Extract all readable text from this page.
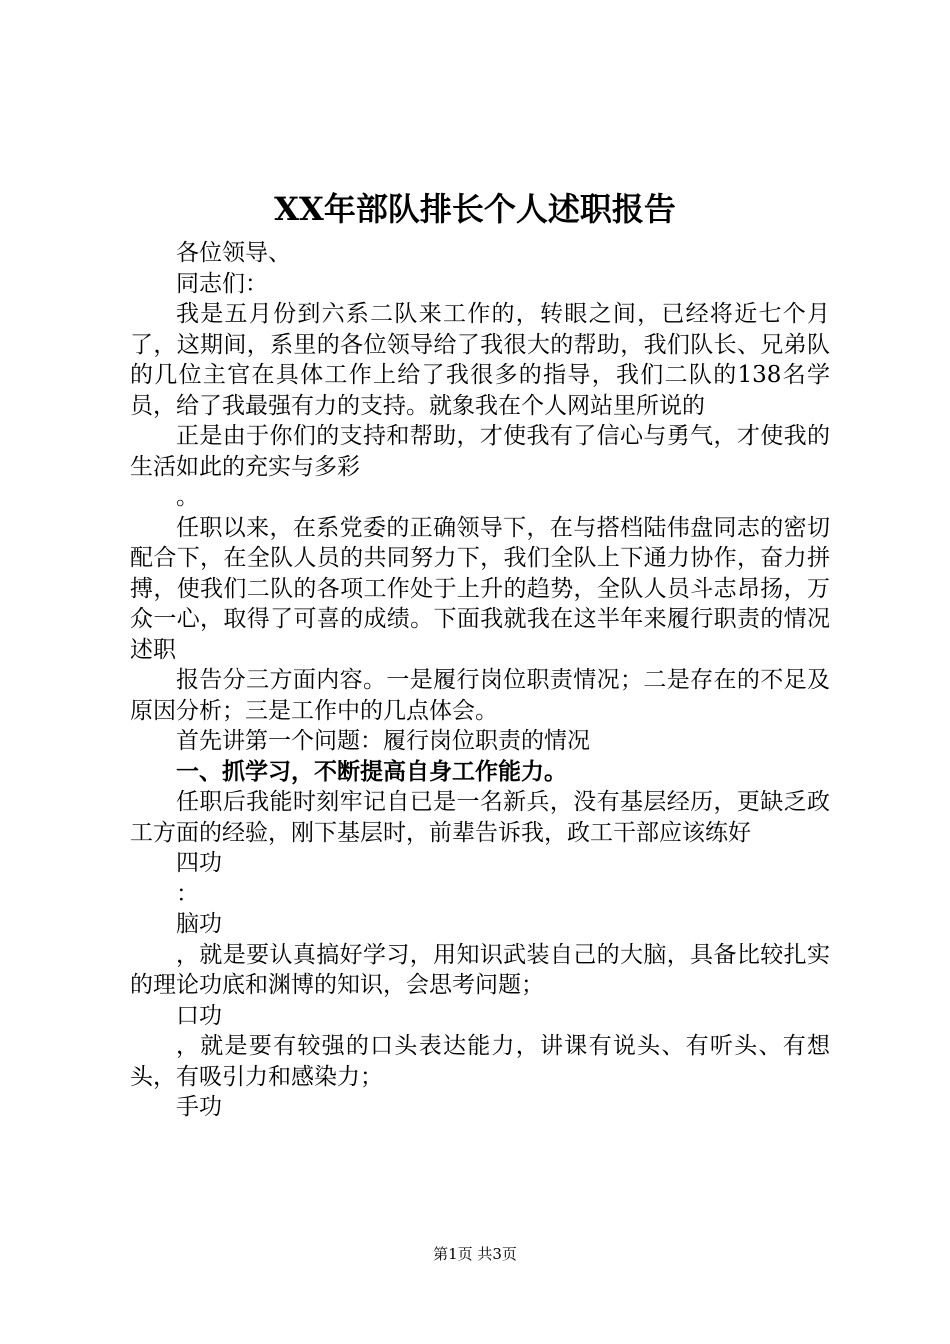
XX年部队排长个人述职报告

各位领导、

同志们：

我是五月份到六系二队来工作的，转眼之间，已经将近七个月了，这期间，系里的各位领导给了我很大的帮助，我们队长、兄弟队的几位主官在具体工作上给了我很多的指导，我们二队的138名学员，给了我最强有力的支持。就象我在个人网站里所说的

正是由于你们的支持和帮助，才使我有了信心与勇气，才使我的生活如此的充实与多彩

。

任职以来，在系党委的正确领导下，在与搭档陆伟盘同志的密切配合下，在全队人员的共同努力下，我们全队上下通力协作，奋力拼搏，使我们二队的各项工作处于上升的趋势，全队人员斗志昂扬，万众一心，取得了可喜的成绩。下面我就我在这半年来履行职责的情况述职

报告分三方面内容。一是履行岗位职责情况；二是存在的不足及原因分析；三是工作中的几点体会。

首先讲第一个问题：履行岗位职责的情况

一、抓学习，不断提高自身工作能力。

任职后我能时刻牢记自已是一名新兵，没有基层经历，更缺乏政工方面的经验，刚下基层时，前辈告诉我，政工干部应该练好

四功

：

脑功

，就是要认真搞好学习，用知识武装自己的大脑，具备比较扎实的理论功底和渊博的知识，会思考问题；

口功

，就是要有较强的口头表达能力，讲课有说头、有听头、有想头，有吸引力和感染力；

手功

第1页 共3页
